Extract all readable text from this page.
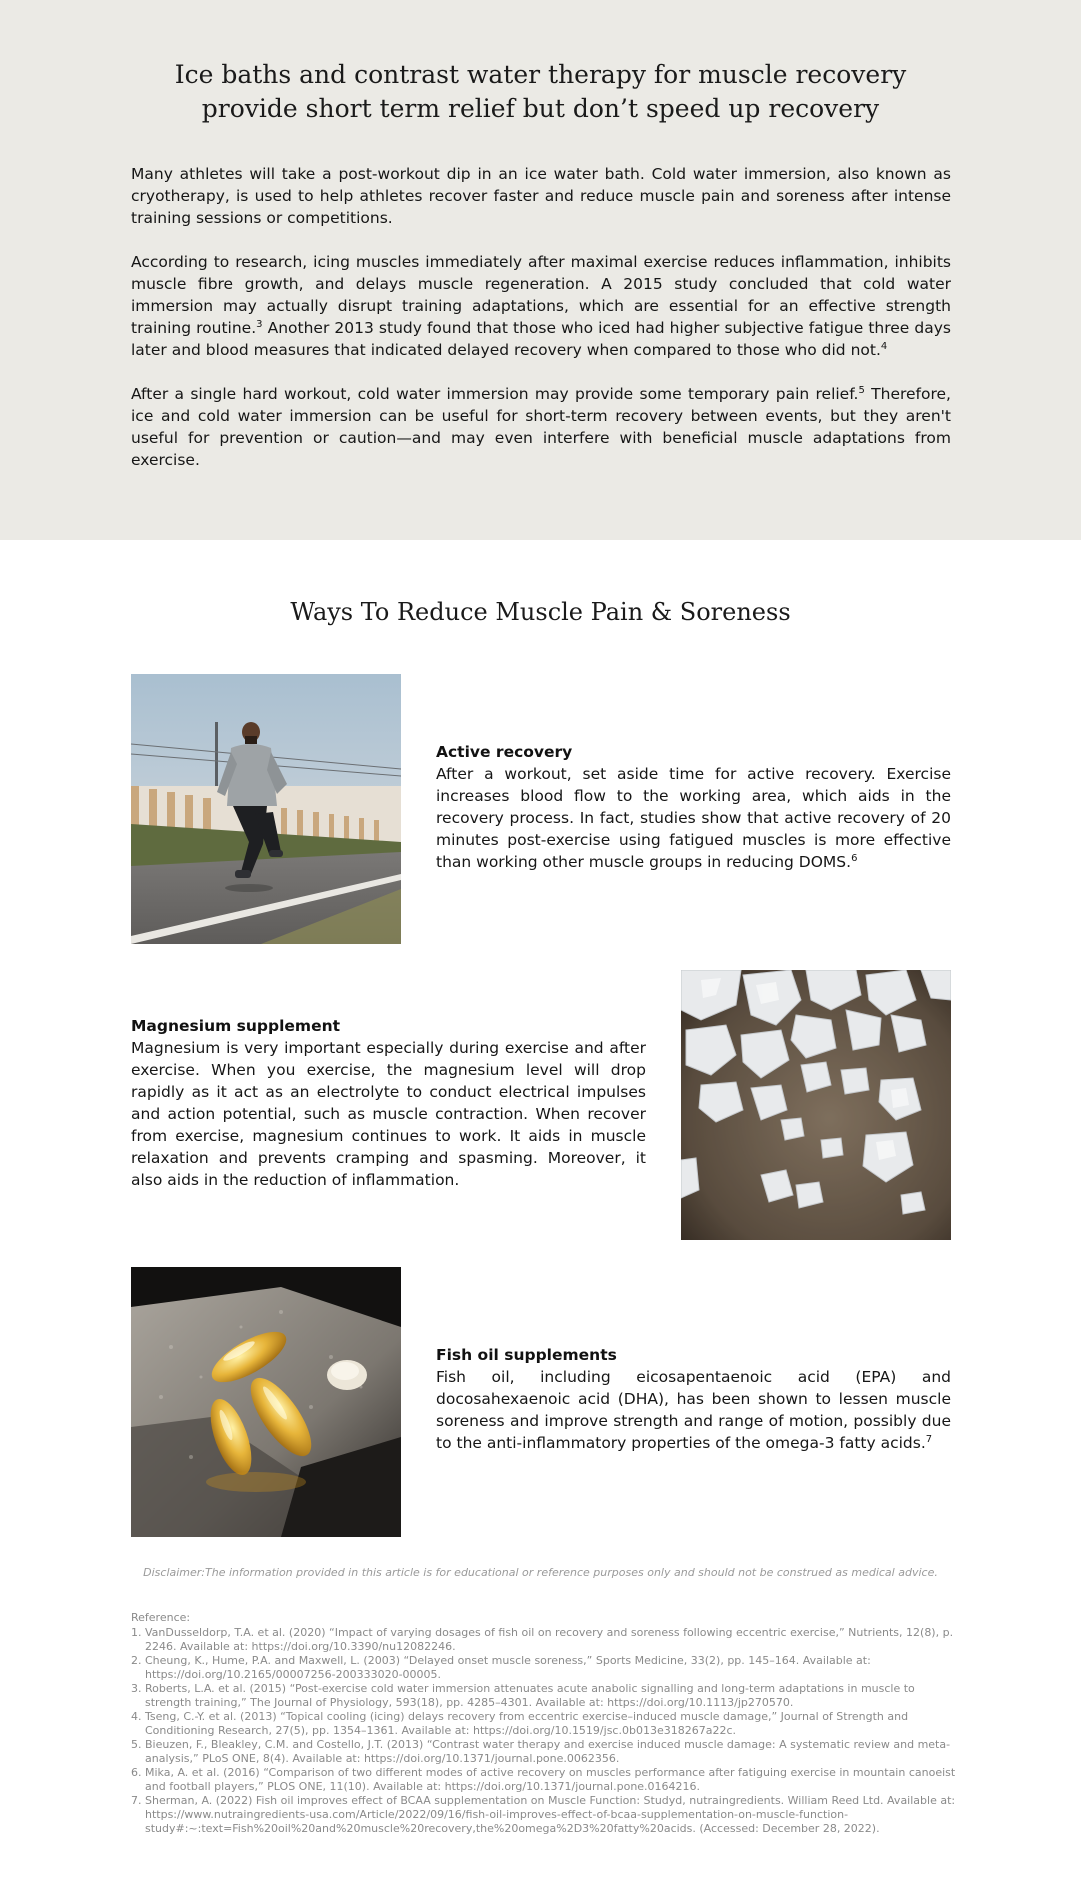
Ice baths and contrast water therapy for muscle recovery provide short term relief but don’t speed up recovery

Many athletes will take a post-workout dip in an ice water bath. Cold water immersion, also known as cryotherapy, is used to help athletes recover faster and reduce muscle pain and soreness after intense training sessions or competitions.

According to research, icing muscles immediately after maximal exercise reduces inflammation, inhibits muscle fibre growth, and delays muscle regeneration. A 2015 study concluded that cold water immersion may actually disrupt training adaptations, which are essential for an effective strength training routine.$^3$ Another 2013 study found that those who iced had higher subjective fatigue three days later and blood measures that indicated delayed recovery when compared to those who did not.$^4$

After a single hard workout, cold water immersion may provide some temporary pain relief.$^5$ Therefore, ice and cold water immersion can be useful for short-term recovery between events, but they aren't useful for prevention or caution—and may even interfere with beneficial muscle adaptations from exercise.

Ways To Reduce Muscle Pain & Soreness
Active recovery

After a workout, set aside time for active recovery. Exercise increases blood flow to the working area, which aids in the recovery process. In fact, studies show that active recovery of 20 minutes post-exercise using fatigued muscles is more effective than working other muscle groups in reducing DOMS.$^6$

Magnesium supplement

Magnesium is very important especially during exercise and after exercise. When you exercise, the magnesium level will drop rapidly as it act as an electrolyte to conduct electrical impulses and action potential, such as muscle contraction. When recover from exercise, magnesium continues to work. It aids in muscle relaxation and prevents cramping and spasming. Moreover, it also aids in the reduction of inflammation.

Fish oil supplements

Fish oil, including eicosapentaenoic acid (EPA) and docosahexaenoic acid (DHA), has been shown to lessen muscle soreness and improve strength and range of motion, possibly due to the anti-inflammatory properties of the omega-3 fatty acids.$^7$

Disclaimer:The information provided in this article is for educational or reference purposes only and should not be construed as medical advice.

Reference:

1. VanDusseldorp, T.A. et al. (2020) “Impact of varying dosages of fish oil on recovery and soreness following eccentric exercise,” Nutrients, 12(8), p. 2246. Available at: https://doi.org/10.3390/nu12082246.
2. Cheung, K., Hume, P.A. and Maxwell, L. (2003) “Delayed onset muscle soreness,” Sports Medicine, 33(2), pp. 145–164. Available at: https://doi.org/10.2165/00007256-200333020-00005.
3. Roberts, L.A. et al. (2015) “Post-exercise cold water immersion attenuates acute anabolic signalling and long-term adaptations in muscle to strength training,” The Journal of Physiology, 593(18), pp. 4285–4301. Available at: https://doi.org/10.1113/jp270570.
4. Tseng, C.-Y. et al. (2013) “Topical cooling (icing) delays recovery from eccentric exercise–induced muscle damage,” Journal of Strength and Conditioning Research, 27(5), pp. 1354–1361. Available at: https://doi.org/10.1519/jsc.0b013e318267a22c.
5. Bieuzen, F., Bleakley, C.M. and Costello, J.T. (2013) “Contrast water therapy and exercise induced muscle damage: A systematic review and meta-analysis,” PLoS ONE, 8(4). Available at: https://doi.org/10.1371/journal.pone.0062356.
6. Mika, A. et al. (2016) “Comparison of two different modes of active recovery on muscles performance after fatiguing exercise in mountain canoeist and football players,” PLOS ONE, 11(10). Available at: https://doi.org/10.1371/journal.pone.0164216.
7. Sherman, A. (2022) Fish oil improves effect of BCAA supplementation on Muscle Function: Studyd, nutraingredients. William Reed Ltd. Available at: https://www.nutraingredients-usa.com/Article/2022/09/16/fish-oil-improves-effect-of-bcaa-supplementation-on-muscle-function-study#:~:text=Fish%20oil%20and%20muscle%20recovery,the%20omega%2D3%20fatty%20acids. (Accessed: December 28, 2022).
